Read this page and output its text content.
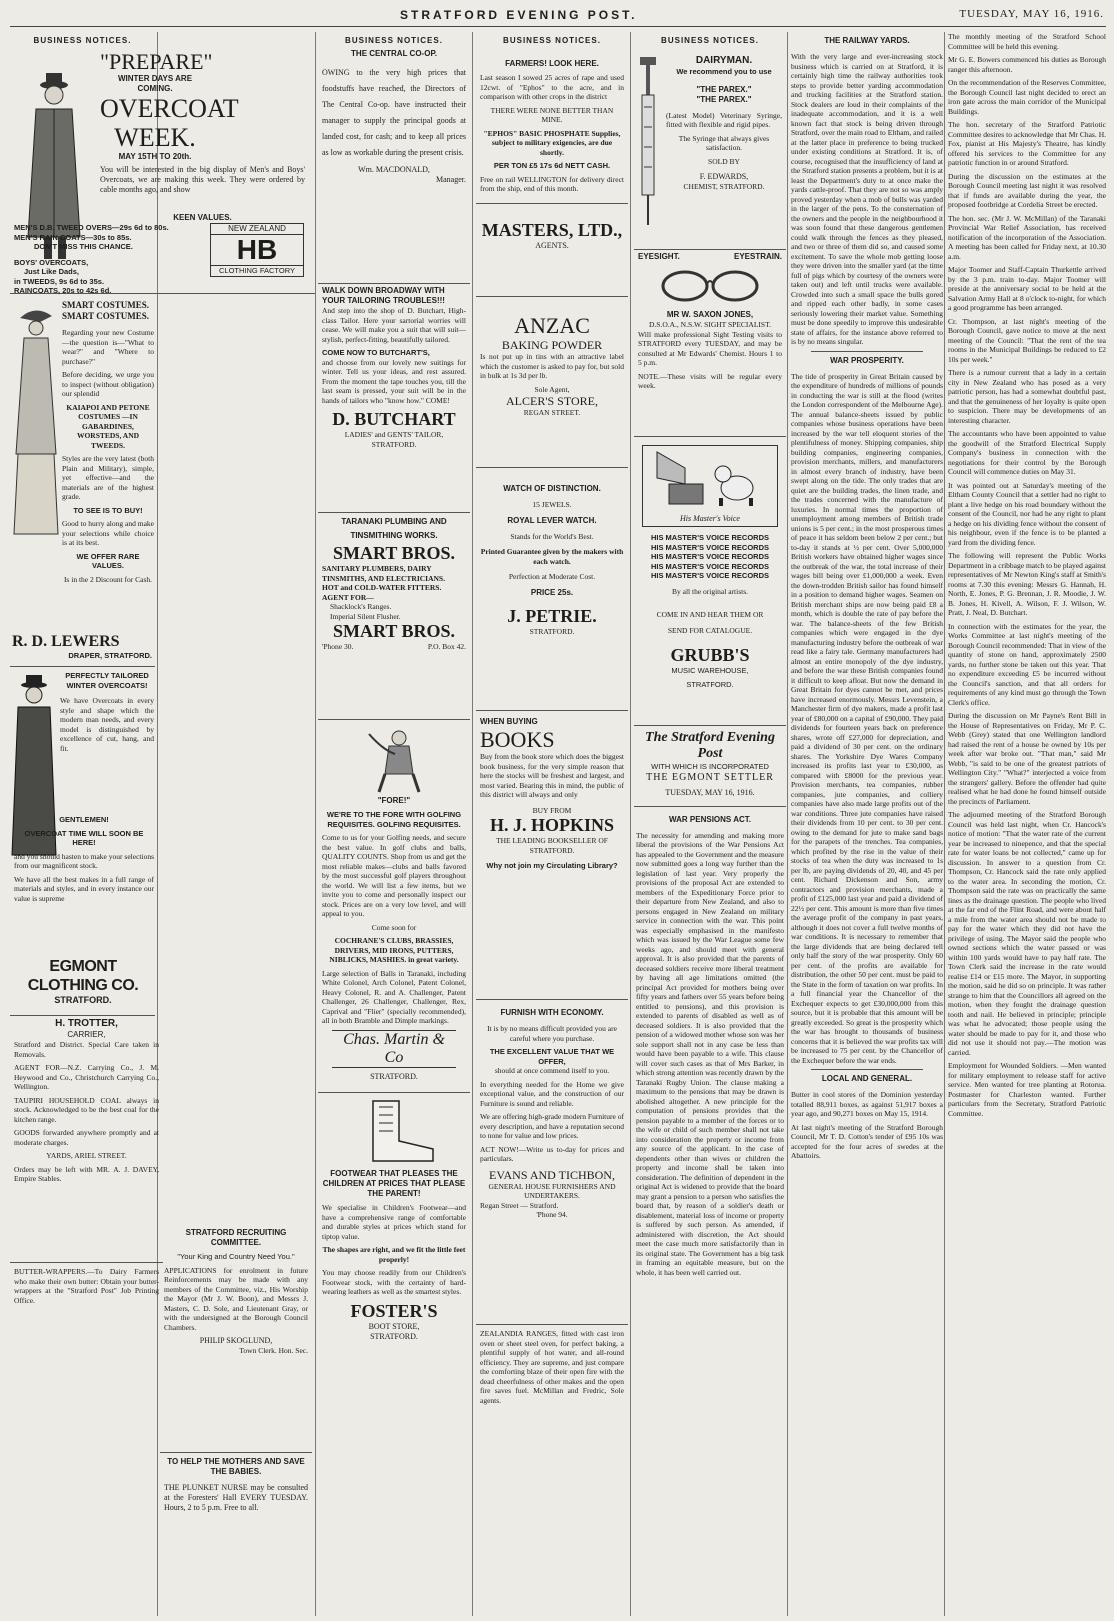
STRATFORD EVENING POST.	TUESDAY, MAY 16, 1916.
BUSINESS NOTICES.
"PREPARE"
WINTER DAYS ARE COMING.
OVERCOAT
WEEK.
MAY 15TH TO 20th.
You will be interested in the big display of Men's and Boys' Overcoats, we are making this week. They were ordered by cable months ago, and show
KEEN VALUES.
MEN'S D.B. TWEED OVERS—29s 6d to 80s.
MEN'S RAIN COATS—30s to 85s.
DON'T MISS THIS CHANCE.
BOYS' OVERCOATS,
Just Like Dads,
in TWEEDS, 9s 6d to 35s.
RAINCOATS, 20s to 42s 6d.
NEW ZEALAND
HB
CLOTHING FACTORY
SMART COSTUMES.
SMART COSTUMES.

Regarding your new Costume—the question is—"What to wear?" and "Where to purchase?"

Before deciding, we urge you to inspect (without obligation) our splendid

KAIAPOI AND PETONE COSTUMES —IN GABARDINES, WORSTEDS, AND TWEEDS.

Styles are the very latest (both Plain and Military), simple, yet effective—and the materials are of the highest grade.

TO SEE IS TO BUY!

Good to hurry along and make your selections while choice is at its best.

WE OFFER RARE VALUES.

Is in the 2 Discount for Cash.

R. D. LEWERS
DRAPER, STRATFORD.
PERFECTLY TAILORED
WINTER OVERCOATS!

We have Overcoats in every style and shape which the modern man needs, and every model is distinguished by excellence of cut, hang, and fit.

GENTLEMEN!

OVERCOAT TIME WILL SOON BE HERE!

and you should hasten to make your selections from our magnificent stock.

We have all the best makes in a full range of materials and styles, and in every instance our value is supreme

EGMONT CLOTHING CO.
STRATFORD.
H. TROTTER,
CARRIER,

Stratford and District. Special Care taken in Removals.

AGENT FOR—N.Z. Carrying Co., J. M. Heywood and Co., Christchurch Carrying Co., Wellington.

TAUPIRI HOUSEHOLD COAL always in stock. Acknowledged to be the best coal for the kitchen range.

GOODS forwarded anywhere promptly and at moderate charges.

YARDS, ARIEL STREET.

Orders may be left with MR. A. J. DAVEY, Empire Stables.

BUTTER-WRAPPERS.—To Dairy Farmers who make their own butter: Obtain your butter-wrappers at the "Stratford Post" Job Printing Office.
STRATFORD RECRUITING COMMITTEE.
"Your King and Country Need You."

APPLICATIONS for enrolment in future Reinforcements may be made with any members of the Committee, viz., His Worship the Mayor (Mr J. W. Boon), and Messrs J. Masters, C. D. Sole, and Lieutenant Gray, or with the undersigned at the Borough Council Chambers.

PHILIP SKOGLUND,
Town Clerk. Hon. Sec.
TO HELP THE MOTHERS AND SAVE THE BABIES.

THE PLUNKET NURSE may be consulted at the Foresters' Hall EVERY TUESDAY. Hours, 2 to 5 p.m. Free to all.

BUSINESS NOTICES.
THE CENTRAL CO-OP.

OWING to the very high prices that foodstuffs have reached, the Directors of The Central Co-op. have instructed their manager to supply the principal goods at landed cost, for cash; and to keep all prices as low as workable during the present crisis.

Wm. MACDONALD,
Manager.
WALK DOWN BROADWAY WITH YOUR TAILORING TROUBLES!!!

And step into the shop of D. Butchart, High-class Tailor. Here your sartorial worries will cease. We will make you a suit that will suit—stylish, perfect-fitting, beautifully tailored.

COME NOW TO BUTCHART'S,

and choose from our lovely new suitings for winter. Tell us your ideas, and rest assured. From the moment the tape touches you, till the last seam is pressed, your suit will be in the hands of tailors who "know how." COME!

D. BUTCHART
LADIES' and GENTS' TAILOR, STRATFORD.
TARANAKI PLUMBING AND TINSMITHING WORKS.
SMART BROS.
SANITARY PLUMBERS, DAIRY TINSMITHS, AND ELECTRICIANS.
HOT and COLD-WATER FITTERS.
AGENT FOR—
Shacklock's Ranges.
Imperial Silent Flusher.
SMART BROS.
'Phone 30.	P.O. Box 42.
"FORE!"
WE'RE TO THE FORE WITH GOLFING REQUISITES. GOLFING REQUISITES.

Come to us for your Golfing needs, and secure the best value. In golf clubs and balls, QUALITY COUNTS. Shop from us and get the most reliable makes—clubs and balls favored by the most successful golf players throughout the world. We will list a few items, but we invite you to come and personally inspect our stock. Prices are on a very low level, and will appeal to you.

Come soon for

COCHRANE'S CLUBS, BRASSIES, DRIVERS, MID IRONS, PUTTERS, NIBLICKS, MASHIES. in great variety.

Large selection of Balls in Taranaki, including White Colonel, Arch Colonel, Patent Colonel, Heavy Colonel, R. and A. Challenger, Patent Challenger, 26 Challenger, Challenger, Rex, Caprival and "Flier" (specially recommended), all in both Bramble and Dimple markings.

Chas. Martin & Co
STRATFORD.
FOOTWEAR THAT PLEASES THE CHILDREN AT PRICES THAT PLEASE THE PARENT!

We specialise in Children's Footwear—and have a comprehensive range of comfortable and durable styles at prices which stand for tiptop value.

The shapes are right, and we fit the little feet properly!

You may choose readily from our Children's Footwear stock, with the certainty of hard-wearing leathers as well as the smartest styles.

FOSTER'S
BOOT STORE,
STRATFORD.
BUSINESS NOTICES.
FARMERS! LOOK HERE.

Last season I sowed 25 acres of rape and used 12cwt. of "Ephos" to the acre, and in comparison with other crops in the district

THERE WERE NONE BETTER THAN MINE.

"EPHOS" BASIC PHOSPHATE Supplies, subject to military exigencies, are due shortly.

PER TON £5 17s 6d NETT CASH.

Free on rail WELLINGTON for delivery direct from the ship, end of this month.

MASTERS, LTD.,
AGENTS.
ANZAC
BAKING POWDER

Is not put up in tins with an attractive label which the customer is asked to pay for, but sold in bulk at 1s 3d per lb.

Sole Agent,
ALCER'S STORE,
REGAN STREET.
WATCH OF DISTINCTION.
15 JEWELS.
ROYAL LEVER WATCH.
Stands for the World's Best.
Printed Guarantee given by the makers with each watch.
Perfection at Moderate Cost.
PRICE 25s.
J. PETRIE.
STRATFORD.
WHEN BUYING
BOOKS

Buy from the book store which does the biggest book business, for the very simple reason that here the stocks will be freshest and largest, and most varied. Bearing this in mind, the public of this district will always and only

BUY FROM
H. J. HOPKINS
THE LEADING BOOKSELLER OF STRATFORD.
Why not join my Circulating Library?
FURNISH WITH ECONOMY.

It is by no means difficult provided you are careful where you purchase.

THE EXCELLENT VALUE THAT WE OFFER,

should at once commend itself to you.

In everything needed for the Home we give exceptional value, and the construction of our Furniture is sound and reliable.

We are offering high-grade modern Furniture of every description, and have a reputation second to none for value and low prices.

ACT NOW!—Write us to-day for prices and particulars.

EVANS AND TICHBON,
GENERAL HOUSE FURNISHERS AND UNDERTAKERS.
Regan Street — Stratford.
'Phone 94.

ZEALANDIA RANGES, fitted with cast iron oven or sheet steel oven, for perfect baking, a plentiful supply of hot water, and all-round efficiency. They are supreme, and just compare the comforting blaze of their open fire with the dead cheerfulness of other makes and the open fire saves fuel. McMillan and Fredric, Sole agents.

BUSINESS NOTICES.
DAIRYMAN.
We recommend you to use
"THE PAREX."
"THE PAREX."

(Latest Model) Veterinary Syringe, fitted with flexible and rigid pipes.

The Syringe that always gives satisfaction.

SOLD BY
F. EDWARDS,
CHEMIST, STRATFORD.
EYESIGHT.	EYESTRAIN.
MR W. SAXON JONES,
D.S.O.A., N.S.W. SIGHT SPECIALIST.

Will make professional Sight Testing visits to STRATFORD every TUESDAY, and may be consulted at Mr Edwards' Chemist. Hours 1 to 5 p.m.

NOTE.—These visits will be regular every week.

His Master's Voice
HIS MASTER'S VOICE RECORDS
HIS MASTER'S VOICE RECORDS
HIS MASTER'S VOICE RECORDS
HIS MASTER'S VOICE RECORDS
HIS MASTER'S VOICE RECORDS
By all the original artists.
COME IN AND HEAR THEM OR
SEND FOR CATALOGUE.
GRUBB'S
MUSIC WAREHOUSE,
STRATFORD.
The Stratford Evening Post
WITH WHICH IS INCORPORATED
THE EGMONT SETTLER
TUESDAY, MAY 16, 1916.
WAR PENSIONS ACT.

The necessity for amending and making more liberal the provisions of the War Pensions Act has appealed to the Government and the measure now submitted goes a long way further than the legislation of last year. Very properly the provisions of the proposal Act are extended to members of the Expeditionary Force prior to their departure from New Zealand, and also to persons engaged in New Zealand on military service in connection with the war. This point was especially emphasised in the manifesto which was issued by the War League some few weeks ago, and should meet with general approval. It is also provided that the parents of deceased soldiers receive more liberal treatment by having all age limitations omitted (the principal Act provided for mothers being over fifty years and fathers over 55 years before being entitled to pensions), and this provision is extended to parents of disabled as well as of deceased soldiers. It is also provided that the pension of a widowed mother whose son was her sole support shall not in any case be less than would have been payable to a wife. This clause will cover such cases as that of Mrs Barker, in which strong attention was recently drawn by the Taranaki Rugby Union. The clause making a maximum to the pensions that may be drawn is abolished altogether. A new principle for the computation of pensions provides that the pension payable to a member of the forces or to the wife or child of such member shall not take into consideration the property or income from any source of the applicant. In the case of dependents other than wives or children the property and income shall be taken into consideration. The definition of dependent in the original Act is widened to provide that the board may grant a pension to a person who satisfies the board that, by reason of a soldier's death or disablement, material loss of income or property is suffered by such person. As amended, if administered with discretion, the Act should meet the case much more satisfactorily than in its original state. The Government has a big task in framing an equitable measure, but on the whole, it has been well carried out.

THE RAILWAY YARDS.

With the very large and ever-increasing stock business which is carried on at Stratford, it is certainly high time the railway authorities took steps to provide better yarding accommodation and trucking facilities at the Stratford station. Stock dealers are loud in their complaints of the inadequate accommodation, and it is a well known fact that stock is being driven through Stratford, over the main road to Eltham, and railed at the latter place in preference to being trucked under existing conditions at Stratford. It is, of course, recognised that the insufficiency of land at the Stratford station presents a problem, but it is at least the Department's duty to at once make the yards cattle-proof. That they are not so was amply proved yesterday when a mob of bulls was yarded in the larger of the pens. To the consternation of the owners and the people in the neighbourhood it was soon found that these dangerous gentlemen could walk through the fences as they pleased, and two or three of them did so, and caused some excitement. To save the whole mob getting loose they were driven into the smaller yard (at the time full of pigs which by courtesy of the owners were taken out) and left until trucks were available. Crowded into such a small space the bulls gored and ripped each other badly, in some cases seriously lowering their market value. Something must be done speedily to improve this undesirable state of affairs, for the instance above referred to is by no means singular.

WAR PROSPERITY.

The tide of prosperity in Great Britain caused by the expenditure of hundreds of millions of pounds in conducting the war is still at the flood (writes the London correspondent of the Melbourne Age). The annual balance-sheets issued by public companies whose business operations have been increased by the war tell eloquent stories of the plentifulness of money. Shipping companies, ship building companies, engineering companies, provision merchants, millers, and manufacturers in almost every branch of industry, have been swept along on the tide. The only trades that are quiet are the building trades, the linen trade, and the trades concerned with the manufacture of luxuries. In normal times the proportion of unemployment among members of British trade unions is 5 per cent.; in the most prosperous times of peace it has seldom been below 2 per cent.; but to-day it stands at ½ per cent. Over 5,000,000 British workers have obtained higher wages since the outbreak of the war, the total increase of their wages bill being over £1,000,000 a week. Even the down-trodden British sailor has found himself in a position to demand higher wages. Seamen on British merchant ships are now being paid £8 a month, which is double the rate of pay before the war. The balance-sheets of the few British companies which were engaged in the dye manufacturing industry before the outbreak of war read like a fairy tale. Germany manufacturers had almost an entire monopoly of the dye industry, and before the war these British companies found it difficult to keep afloat. But now the demand in Great Britain for dyes cannot be met, and prices have increased enormously. Messrs Levenstein, a Manchester firm of dye makers, made a profit last year of £80,000 on a capital of £90,000. They paid dividends for fourteen years back on preference shares, wrote off £27,000 for depreciation, and paid a dividend of 30 per cent. on the ordinary shares. The Yorkshire Dye Wares Company increased its profits last year to £30,000, as compared with £8000 for the previous year. Provision merchants, tea companies, rubber companies, jute companies, and colliery companies have also made large profits out of the war conditions. Three jute companies have raised their dividends from 10 per cent. to 30 per cent. owing to the demand for jute to make sand bags for the parapets of the trenches. Tea companies, which profited by the rise in the value of their stocks of tea when the duty was increased to 1s per lb, are paying dividends of 20, 40, and 45 per cent. Richard Dickenson and Son, army contractors and provision merchants, made a profit of £125,000 last year and paid a dividend of 22½ per cent. This amount is more than five times the average profit of the company in past years, although it does not cover a full twelve months of war conditions. It is necessary to remember that the large dividends that are being declared tell only half the story of the war prosperity. Only 60 per cent. of the profits are available for distribution, the other 50 per cent. must be paid to the State in the form of taxation on war profits. In a full financial year the Chancellor of the Exchequer expects to get £30,000,000 from this source, but it is probable that this amount will be greatly exceeded. So great is the prosperity which the war has brought to thousands of business concerns that it is believed the war profits tax will be increased to 75 per cent. by the Chancellor of the Exchequer before the war ends.

LOCAL AND GENERAL.

Butter in cool stores of the Dominion yesterday totalled 88,911 boxes, as against 51,917 boxes a year ago, and 90,271 boxes on May 15, 1914.

At last night's meeting of the Stratford Borough Council, Mr T. D. Cotton's tender of £95 10s was accepted for the four acres of swedes at the Abattoirs.

The monthly meeting of the Stratford School Committee will be held this evening.

Mr G. E. Bowers commenced his duties as Borough ranger this afternoon.

On the recommendation of the Reserves Committee, the Borough Council last night decided to erect an iron gate across the main corridor of the Municipal Buildings.

The hon. secretary of the Stratford Patriotic Committee desires to acknowledge that Mr Chas. H. Fox, pianist at His Majesty's Theatre, has kindly offered his services to the Committee for any patriotic function in or around Stratford.

During the discussion on the estimates at the Borough Council meeting last night it was resolved that if funds are available during the year, the proposed footbridge at Cordelia Street be erected.

The hon. sec. (Mr J. W. McMillan) of the Taranaki Provincial War Relief Association, has received notification of the incorporation of the Association. A meeting has been called for Friday next, at 10.30 a.m.

Major Toomer and Staff-Captain Thurkettle arrived by the 3 p.m. train to-day. Major Toomer will preside at the anniversary social to be held at the Salvation Army Hall at 8 o'clock to-night, for which a good programme has been arranged.

Cr. Thompson, at last night's meeting of the Borough Council, gave notice to move at the next meeting of the Council: "That the rent of the tea rooms in the Municipal Buildings be reduced to £2 10s per week."

There is a rumour current that a lady in a certain city in New Zealand who has posed as a very patriotic person, has had a somewhat doubtful past, and that the genuineness of her loyalty is quite open to suspicion. There may be developments of an interesting character.

The accountants who have been appointed to value the goodwill of the Stratford Electrical Supply Company's business in connection with the negotiations for their control by the Borough Council will commence duties on May 31.

It was pointed out at Saturday's meeting of the Eltham County Council that a settler had no right to plant a live hedge on his road boundary without the consent of the Council, nor had he any right to plant a hedge on his dividing fence without the consent of his neighbour, even if the fence is to be planted a yard from the dividing fence.

The following will represent the Public Works Department in a cribbage match to be played against representatives of Mr Newton King's staff at Smith's rooms at 7.30 this evening: Messrs G. Hannah, H. North, E. Jones, P. G. Brennan, J. R. Moodie, J. W. B. Jones, H. Kivell, A. Wilson, F. J. Wilson, W. Pratt, J. Neal, D. Butchart.

In connection with the estimates for the year, the Works Committee at last night's meeting of the Borough Council recommended: That in view of the quantity of stone on hand, approximately 2500 yards, no further stone be taken out this year. That no expenditure exceeding £5 be incurred without the Council's sanction, and that all orders for requirements of any kind must go through the Town Clerk's office.

During the discussion on Mr Payne's Rent Bill in the House of Representatives on Friday, Mr P. C. Webb (Grey) stated that one Wellington landlord had raised the rent of a house he owned by 10s per week after war broke out. "That man," said Mr Webb, "is said to be one of the greatest patriots of Wellington City." "What?" interjected a voice from the strangers' gallery. Before the offender had quite realised what he had done he found himself outside the precincts of Parliament.

The adjourned meeting of the Stratford Borough Council was held last night, when Cr. Hancock's notice of motion: "That the water rate of the current year be increased to ninepence, and that the special rate for water loans be not collected," came up for discussion. In answer to a question from Cr. Thompson, Cr. Hancock said the rate only applied to the water area. In seconding the motion, Cr. Thompson said the rate was on practically the same lines as the drainage question. The people who lived at the far end of the Flint Road, and were about half a mile from the water area should not be made to pay for the water which they did not have the privilege of using. The Mayor said the people who owned sections which the water passed or was within 100 yards would have to pay half rate. The Town Clerk said the increase in the rate would realise £14 or £15 more. The Mayor, in supporting the motion, said he did so on principle. It was rather strange to him that the Councillors all agreed on the motion, when they fought the drainage question tooth and nail. He believed in principle; principle was what he advocated; those people using the water should be made to pay for it, and those who did not use it should not pay.—The motion was carried.

Employment for Wounded Soldiers. —Men wanted for military employment to release staff for active service. Men wanted for tree planting at Rotorua. Postmaster for Charleston wanted. Further particulars from the Secretary, Stratford Patriotic Committee.
